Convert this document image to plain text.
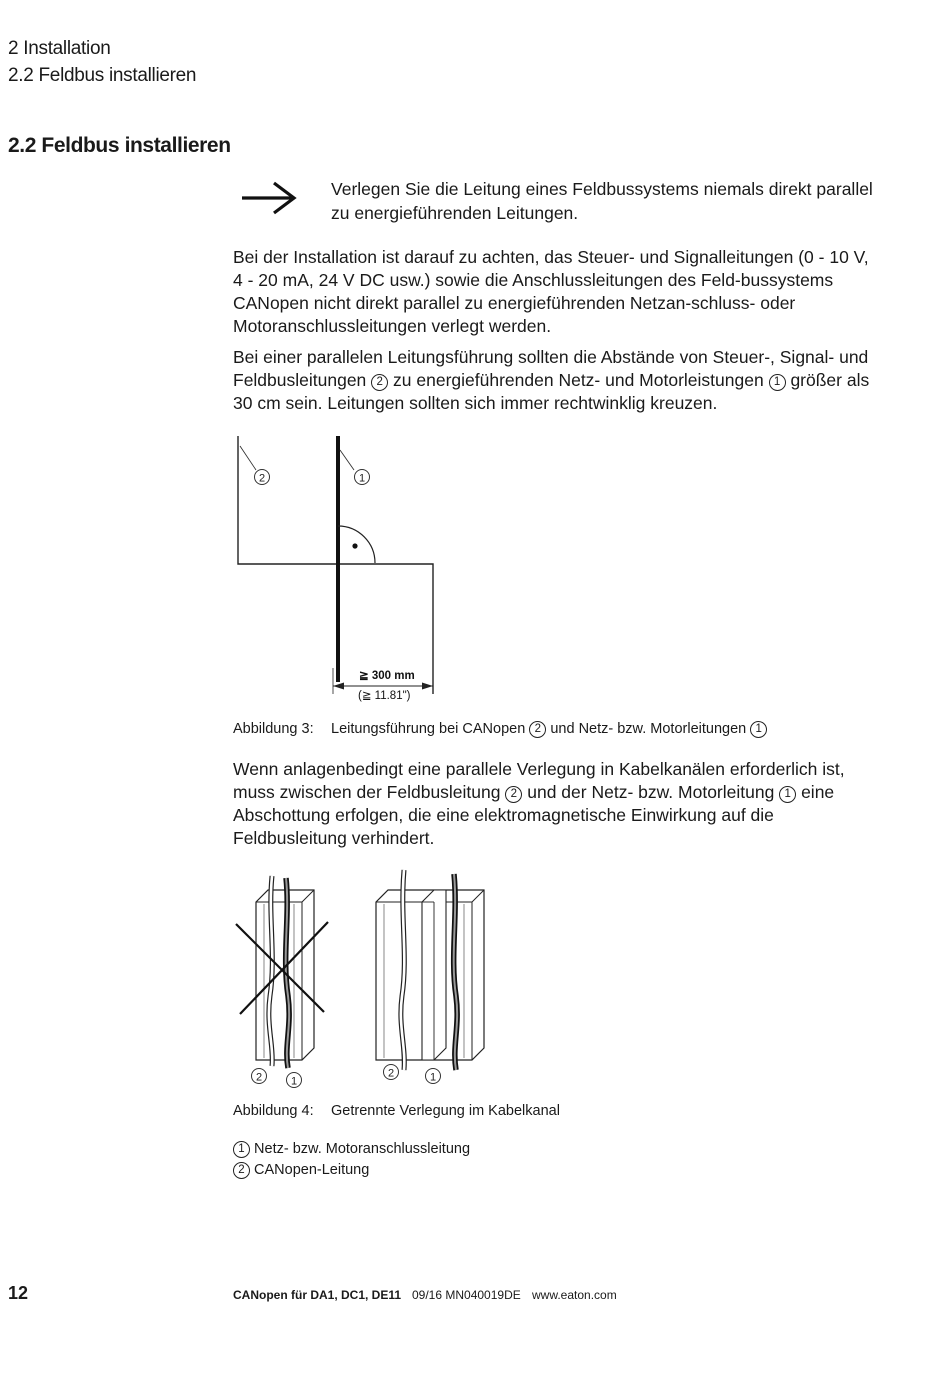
2 Installation
2.2 Feldbus installieren
2.2 Feldbus installieren
Verlegen Sie die Leitung eines Feldbussystems niemals direkt parallel zu energieführenden Leitungen.
Bei der Installation ist darauf zu achten, das Steuer- und Signalleitungen (0 - 10 V, 4 - 20 mA, 24 V DC usw.) sowie die Anschlussleitungen des Feld-bussystems CANopen nicht direkt parallel zu energieführenden Netzan-schluss- oder Motoranschlussleitungen verlegt werden.
Bei einer parallelen Leitungsführung sollten die Abstände von Steuer-, Signal- und Feldbusleitungen 2 zu energieführenden Netz- und Motorleistungen 1 größer als 30 cm sein. Leitungen sollten sich immer rechtwinklig kreuzen.
2	1
≧ 300 mm
(≧ 11.81")
Abbildung 3: Leitungsführung bei CANopen 2 und Netz- bzw. Motorleitungen 1
Wenn anlagenbedingt eine parallele Verlegung in Kabelkanälen erforderlich ist, muss zwischen der Feldbusleitung 2 und der Netz- bzw. Motorleitung 1 eine Abschottung erfolgen, die eine elektromagnetische Einwirkung auf die Feldbusleitung verhindert.
2	1
2	1
Abbildung 4: Getrennte Verlegung im Kabelkanal
1 Netz- bzw. Motoranschlussleitung
2 CANopen-Leitung
12	CANopen für DA1, DC1, DE11 09/16 MN040019DE www.eaton.com
